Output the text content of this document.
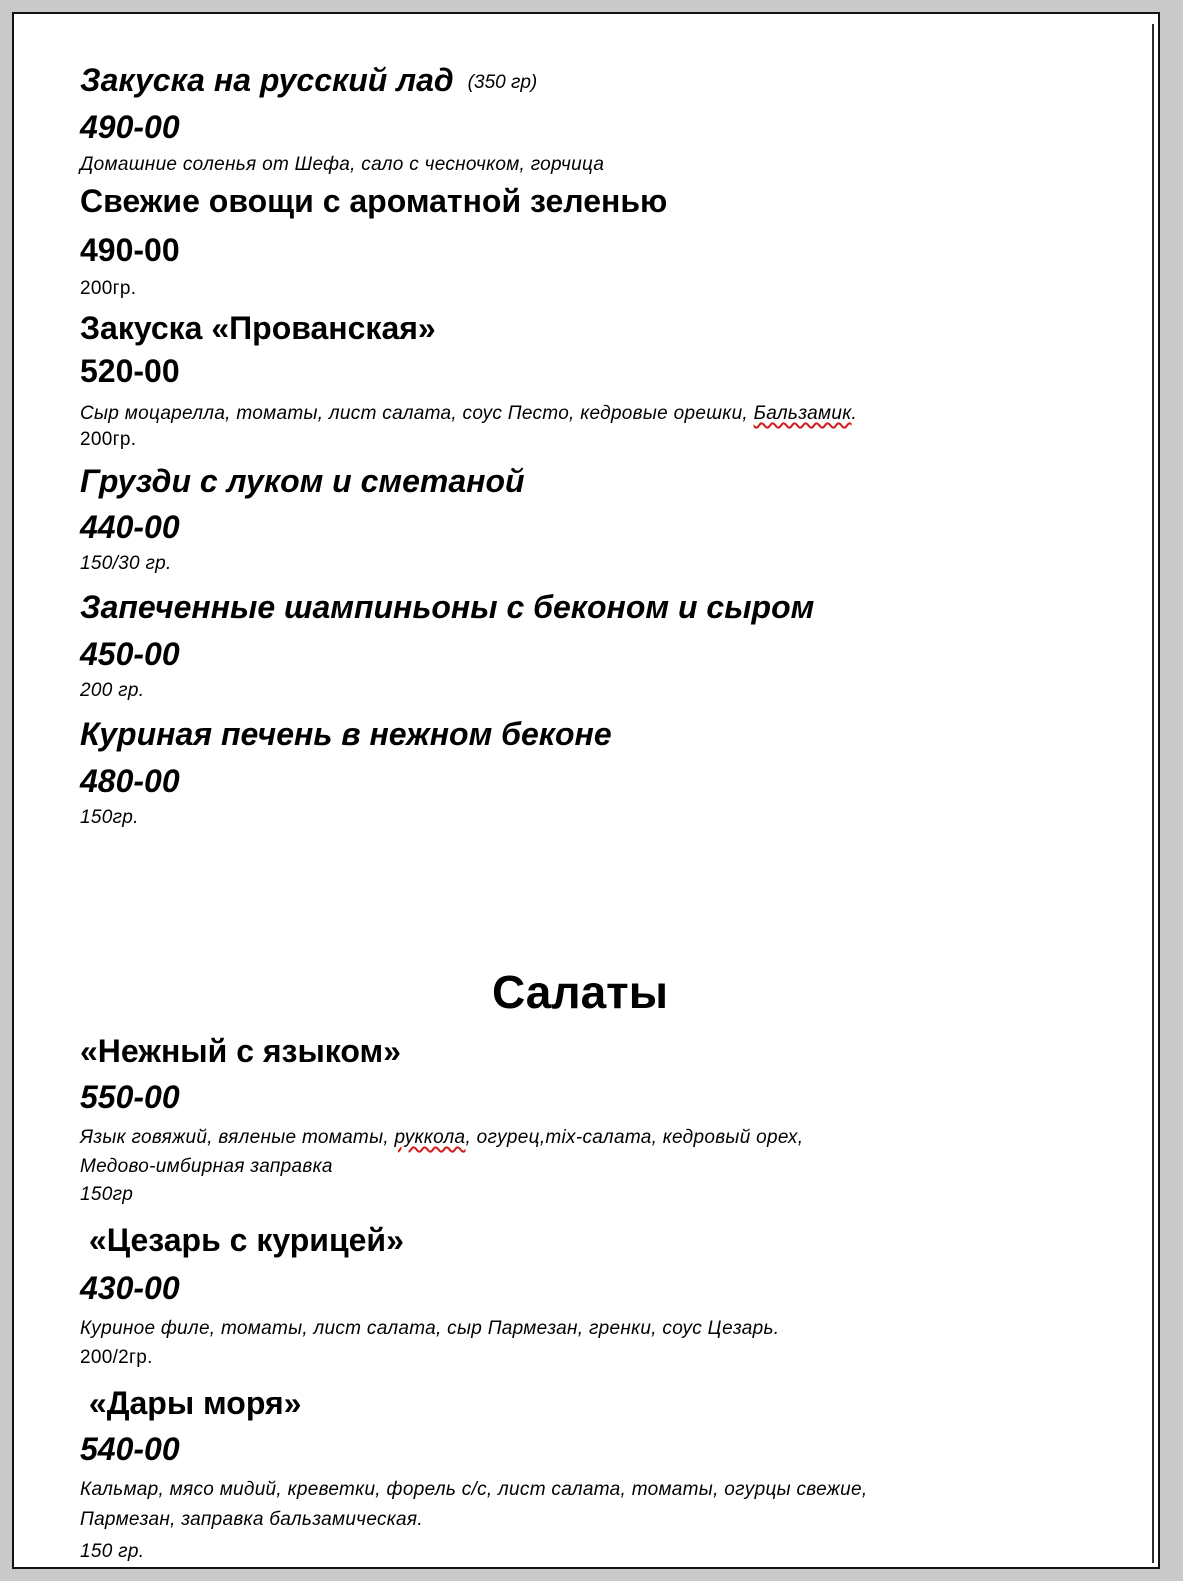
Закуска на русский лад (350 гр)

490-00

Домашние соленья от Шефа, сало с чесночком, горчица

Свежие овощи с ароматной зеленью

490-00

200гр.

Закуска «Прованская»

520-00

Сыр моцарелла, томаты, лист салата, соус Песто, кедровые орешки, Бальзамик.

200гр.

Грузди с луком и сметаной

440-00

150/30 гр.

Запеченные шампиньоны с беконом и сыром

450-00

200 гр.

Куриная печень в нежном беконе

480-00

150гр.

Салаты

«Нежный с языком»

550-00

Язык говяжий, вяленые томаты, руккола, огурец,mix-салата, кедровый орех,

Медово-имбирная заправка

150гр

«Цезарь с курицей»

430-00

Куриное филе, томаты, лист салата, сыр Пармезан, гренки, соус Цезарь.

200/2гр.

«Дары моря»

540-00

Кальмар, мясо мидий, креветки, форель с/с, лист салата, томаты, огурцы свежие,

Пармезан, заправка бальзамическая.

150 гр.
